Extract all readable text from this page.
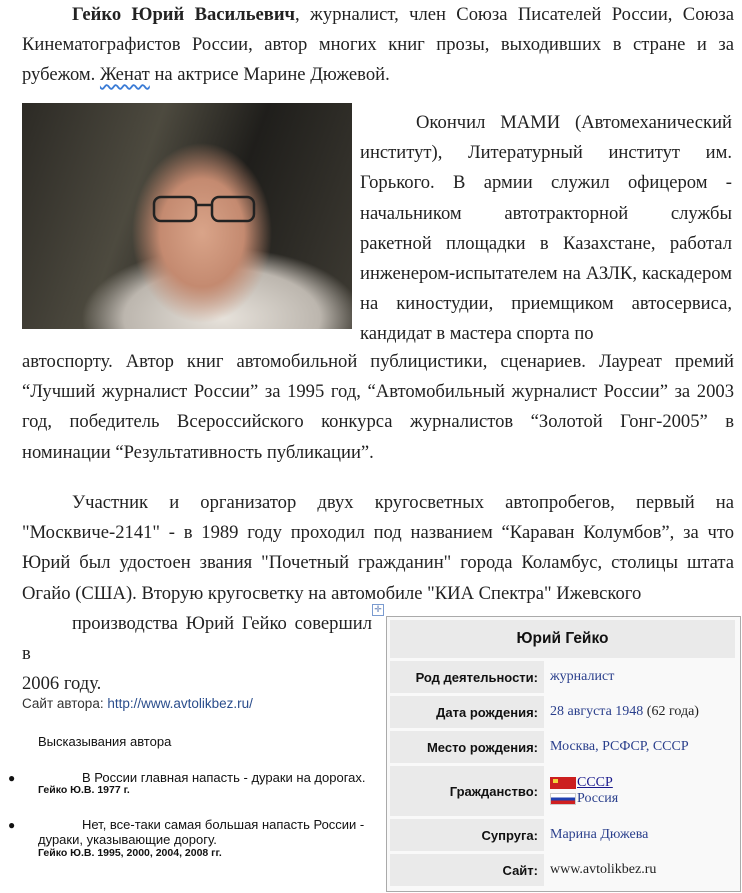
Гейко Юрий Васильевич, журналист, член Союза Писателей России, Союза Кинематографистов России, автор многих книг прозы, выходивших в стране и за рубежом. Женат на актрисе Марине Дюжевой.

Окончил МАМИ (Автомеханический институт), Литературный институт им. Горького. В армии служил офицером - начальником автотракторной службы ракетной площадки в Казахстане, работал инженером-испытателем на АЗЛК, каскадером на киностудии, приемщиком автосервиса, кандидат в мастера спорта по

автоспорту. Автор книг автомобильной публицистики, сценариев. Лауреат премий “Лучший журналист России” за 1995 год, “Автомобильный журналист России” за 2003 год, победитель Всероссийского конкурса журналистов “Золотой Гонг-2005” в номинации “Результативность публикации”.

Участник и организатор двух кругосветных автопробегов, первый на "Москвиче-2141" - в 1989 году проходил под названием “Караван Колумбов”, за что Юрий был удостоен звания "Почетный гражданин" города Коламбус, столицы штата Огайо (США). Вторую кругосветку на автомобиле "КИА Спектра" Ижевского
производства Юрий Гейко совершил в
2006 году.

Сайт автора: http://www.avtolikbez.ru/
Высказывания автора
●	В России главная напасть - дураки на дорогах.
Гейко Ю.В. 1977 г.
●	Нет, все-таки самая большая напасть России - дураки, указывающие дорогу.
Гейко Ю.В. 1995, 2000, 2004, 2008 гг.
✛
Юрий Гейко
Род деятельности: журналист
Дата рождения: 28 августа 1948 (62 года)
Место рождения: Москва, РСФСР, СССР
Гражданство:
СССР
Россия
Супруга: Марина Дюжева
Сайт: www.avtolikbez.ru
